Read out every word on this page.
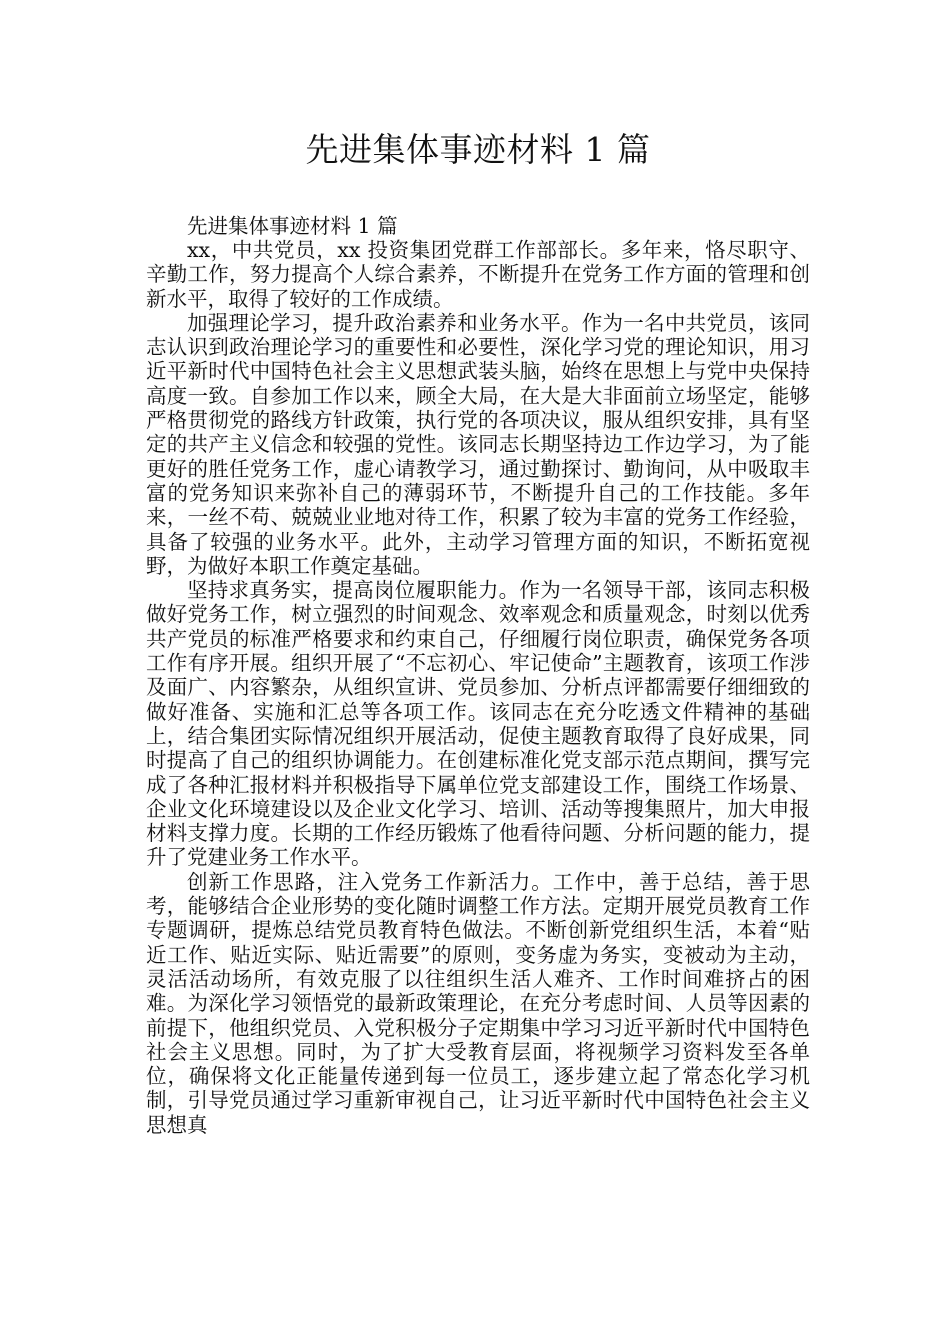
先进集体事迹材料 1 篇

先进集体事迹材料 1 篇

xx，中共党员，xx 投资集团党群工作部部长。多年来，恪尽职守、辛勤工作，努力提高个人综合素养，不断提升在党务工作方面的管理和创新水平，取得了较好的工作成绩。

加强理论学习，提升政治素养和业务水平。作为一名中共党员，该同志认识到政治理论学习的重要性和必要性，深化学习党的理论知识，用习近平新时代中国特色社会主义思想武装头脑，始终在思想上与党中央保持高度一致。自参加工作以来，顾全大局，在大是大非面前立场坚定，能够严格贯彻党的路线方针政策，执行党的各项决议，服从组织安排，具有坚定的共产主义信念和较强的党性。该同志长期坚持边工作边学习，为了能更好的胜任党务工作，虚心请教学习，通过勤探讨、勤询问，从中吸取丰富的党务知识来弥补自己的薄弱环节，不断提升自己的工作技能。多年来，一丝不苟、兢兢业业地对待工作，积累了较为丰富的党务工作经验，具备了较强的业务水平。此外，主动学习管理方面的知识，不断拓宽视野，为做好本职工作奠定基础。

坚持求真务实，提高岗位履职能力。作为一名领导干部，该同志积极做好党务工作，树立强烈的时间观念、效率观念和质量观念，时刻以优秀共产党员的标准严格要求和约束自己，仔细履行岗位职责，确保党务各项工作有序开展。组织开展了“不忘初心、牢记使命”主题教育，该项工作涉及面广、内容繁杂，从组织宣讲、党员参加、分析点评都需要仔细细致的做好准备、实施和汇总等各项工作。该同志在充分吃透文件精神的基础上，结合集团实际情况组织开展活动，促使主题教育取得了良好成果，同时提高了自己的组织协调能力。在创建标准化党支部示范点期间，撰写完成了各种汇报材料并积极指导下属单位党支部建设工作，围绕工作场景、企业文化环境建设以及企业文化学习、培训、活动等搜集照片，加大申报材料支撑力度。长期的工作经历锻炼了他看待问题、分析问题的能力，提升了党建业务工作水平。

创新工作思路，注入党务工作新活力。工作中，善于总结，善于思考，能够结合企业形势的变化随时调整工作方法。定期开展党员教育工作专题调研，提炼总结党员教育特色做法。不断创新党组织生活，本着“贴近工作、贴近实际、贴近需要”的原则，变务虚为务实，变被动为主动，灵活活动场所，有效克服了以往组织生活人难齐、工作时间难挤占的困难。为深化学习领悟党的最新政策理论，在充分考虑时间、人员等因素的前提下，他组织党员、入党积极分子定期集中学习习近平新时代中国特色社会主义思想。同时，为了扩大受教育层面，将视频学习资料发至各单位，确保将文化正能量传递到每一位员工，逐步建立起了常态化学习机制，引导党员通过学习重新审视自己，让习近平新时代中国特色社会主义思想真
